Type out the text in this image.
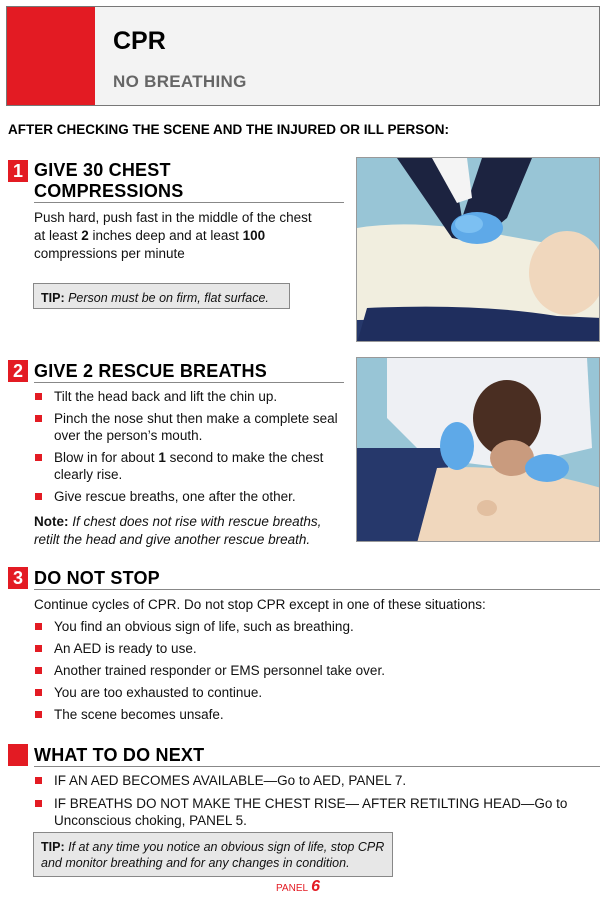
CPR
NO BREATHING
AFTER CHECKING THE SCENE AND THE INJURED OR ILL PERSON:
1 GIVE 30 CHEST
COMPRESSIONS
Push hard, push fast in the middle of the chest at least 2 inches deep and at least 100 compressions per minute
TIP: Person must be on firm, flat surface.
2 GIVE 2 RESCUE BREATHS
Tilt the head back and lift the chin up.
Pinch the nose shut then make a complete seal over the person’s mouth.
Blow in for about 1 second to make the chest clearly rise.
Give rescue breaths, one after the other.
Note: If chest does not rise with rescue breaths, retilt the head and give another rescue breath.
3 DO NOT STOP
Continue cycles of CPR. Do not stop CPR except in one of these situations:
You find an obvious sign of life, such as breathing.
An AED is ready to use.
Another trained responder or EMS personnel take over.
You are too exhausted to continue.
The scene becomes unsafe.
WHAT TO DO NEXT
IF AN AED BECOMES AVAILABLE—Go to AED, PANEL 7.
IF BREATHS DO NOT MAKE THE CHEST RISE— AFTER RETILTING HEAD—Go to Unconscious choking, PANEL 5.
TIP: If at any time you notice an obvious sign of life, stop CPR and monitor breathing and for any changes in condition.
PANEL 6
